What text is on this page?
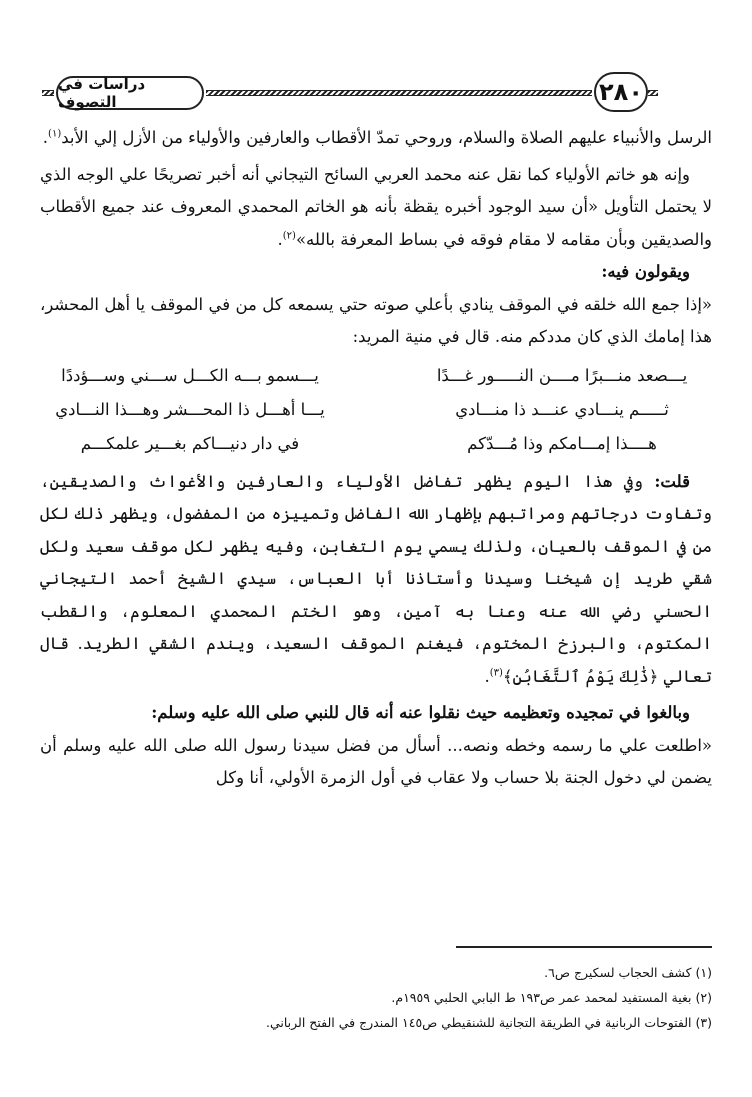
دراسات في التصوف	٢٨٠

الرسل والأنبياء عليهم الصلاة والسلام، وروحي تمدّ الأقطاب والعارفين والأولياء من الأزل إلي الأبد$^{(١)}$.

وإنه هو خاتم الأولياء كما نقل عنه محمد العربي السائح التيجاني أنه أخبر تصريحًا علي الوجه الذي لا يحتمل التأويل «أن سيد الوجود أخبره يقظة بأنه هو الخاتم المحمدي المعروف عند جميع الأقطاب والصديقين وبأن مقامه لا مقام فوقه في بساط المعرفة بالله»$^{(٢)}$.

ويقولون فيه:

«إذا جمع الله خلقه في الموقف ينادي بأعلي صوته حتي يسمعه كل من في الموقف يا أهل المحشر، هذا إمامك الذي كان مددكم منه. قال في منية المريد:

يـــصعد منـــبرًا مــــن النـــــور غـــدًا
يـــسمو بـــه الكـــل ســـني وســـؤددًا
ثـــــم ينـــادي عنـــد ذا منـــادي
يـــا أهـــل ذا المحـــشر وهـــذا النـــادي
هــــذا إمـــامكم وذا مُـــدّكم
في دار دنيـــاكم بغـــير علمكـــم

قلت: وفي هذا اليوم يظهر تفاضل الأولياء والعارفين والأغواث والصديقين، وتفاوت درجاتهم ومراتبهم بإظهار الله الفاضل وتمييزه من المفضول، ويظهر ذلك لكل من في الموقف بالعيان، ولذلك يسمي يوم التغابن، وفيه يظهر لكل موقف سعيد ولكل شقي طريد إن شيخنا وسيدنا وأستاذنا أبا العباس، سيدي الشيخ أحمد التيجاني الحسني رضي الله عنه وعنا به آمين، وهو الختم المحمدي المعلوم، والقطب المكتوم، والبرزخ المختوم، فيغنم الموقف السعيد، ويندم الشقي الطريد. قال تعالي ﴿ذَٰلِكَ يَوْمُ ٱلتَّغَابُنِ﴾$^{(٣)}$.

وبالغوا في تمجيده وتعظيمه حيث نقلوا عنه أنه قال للنبي صلى الله عليه وسلم:

«اطلعت علي ما رسمه وخطه ونصه... أسأل من فضل سيدنا رسول الله صلى الله عليه وسلم أن يضمن لي دخول الجنة بلا حساب ولا عقاب في أول الزمرة الأولي، أنا وكل

(١) كشف الحجاب لسكيرج ص٦.
(٢) بغية المستفيد لمحمد عمر ص١٩٣ ط البابي الحلبي ١٩٥٩م.
(٣) الفتوحات الربانية في الطريقة التجانية للشنقيطي ص١٤٥ المندرج في الفتح الرباني.
